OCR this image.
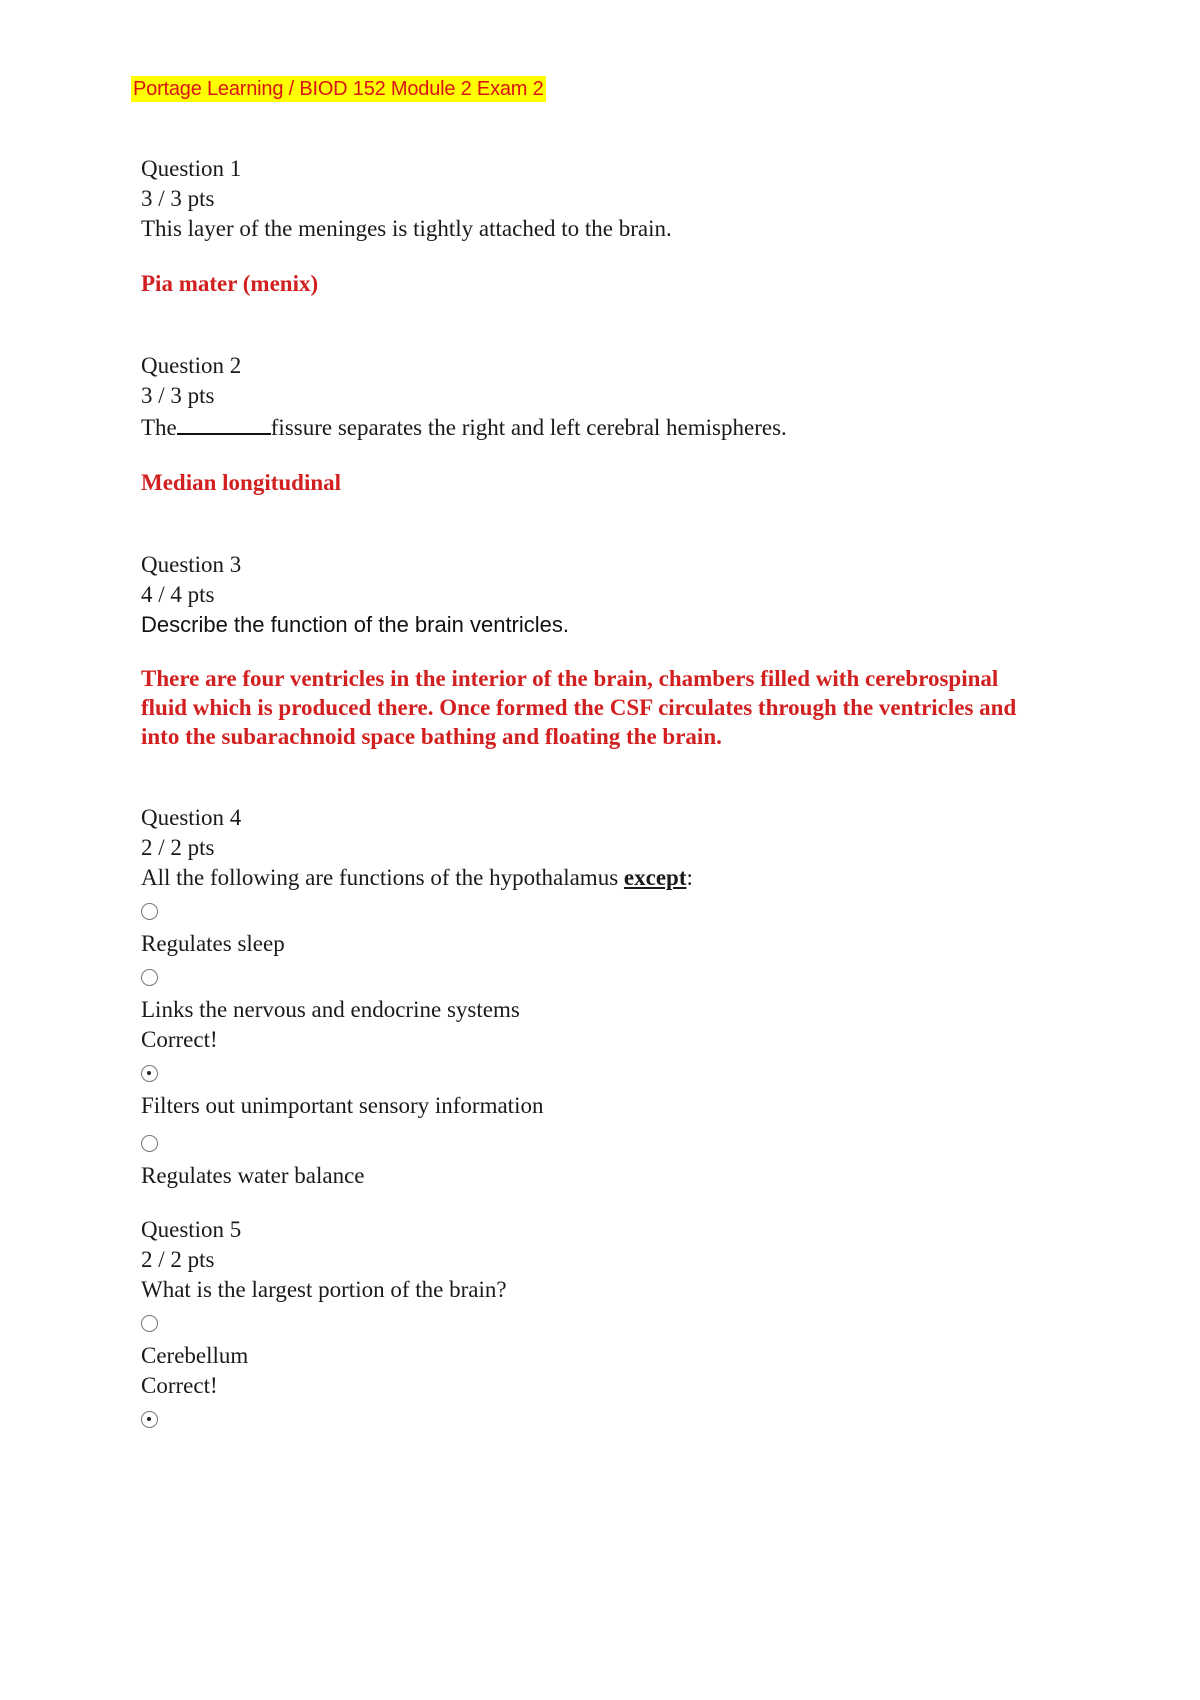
Portage Learning / BIOD 152 Module 2 Exam 2

Question 1

3 / 3 pts

This layer of the meninges is tightly attached to the brain.

Pia mater (menix)

Question 2

3 / 3 pts

The	fissure separates the right and left cerebral hemispheres.

Median longitudinal

Question 3

4 / 4 pts

Describe the function of the brain ventricles.

There are four ventricles in the interior of the brain, chambers filled with cerebrospinal

fluid which is produced there. Once formed the CSF circulates through the ventricles and

into the subarachnoid space bathing and floating the brain.

Question 4

2 / 2 pts

All the following are functions of the hypothalamus except:

Regulates sleep

Links the nervous and endocrine systems

Correct!

Filters out unimportant sensory information

Regulates water balance

Question 5

2 / 2 pts

What is the largest portion of the brain?

Cerebellum

Correct!
